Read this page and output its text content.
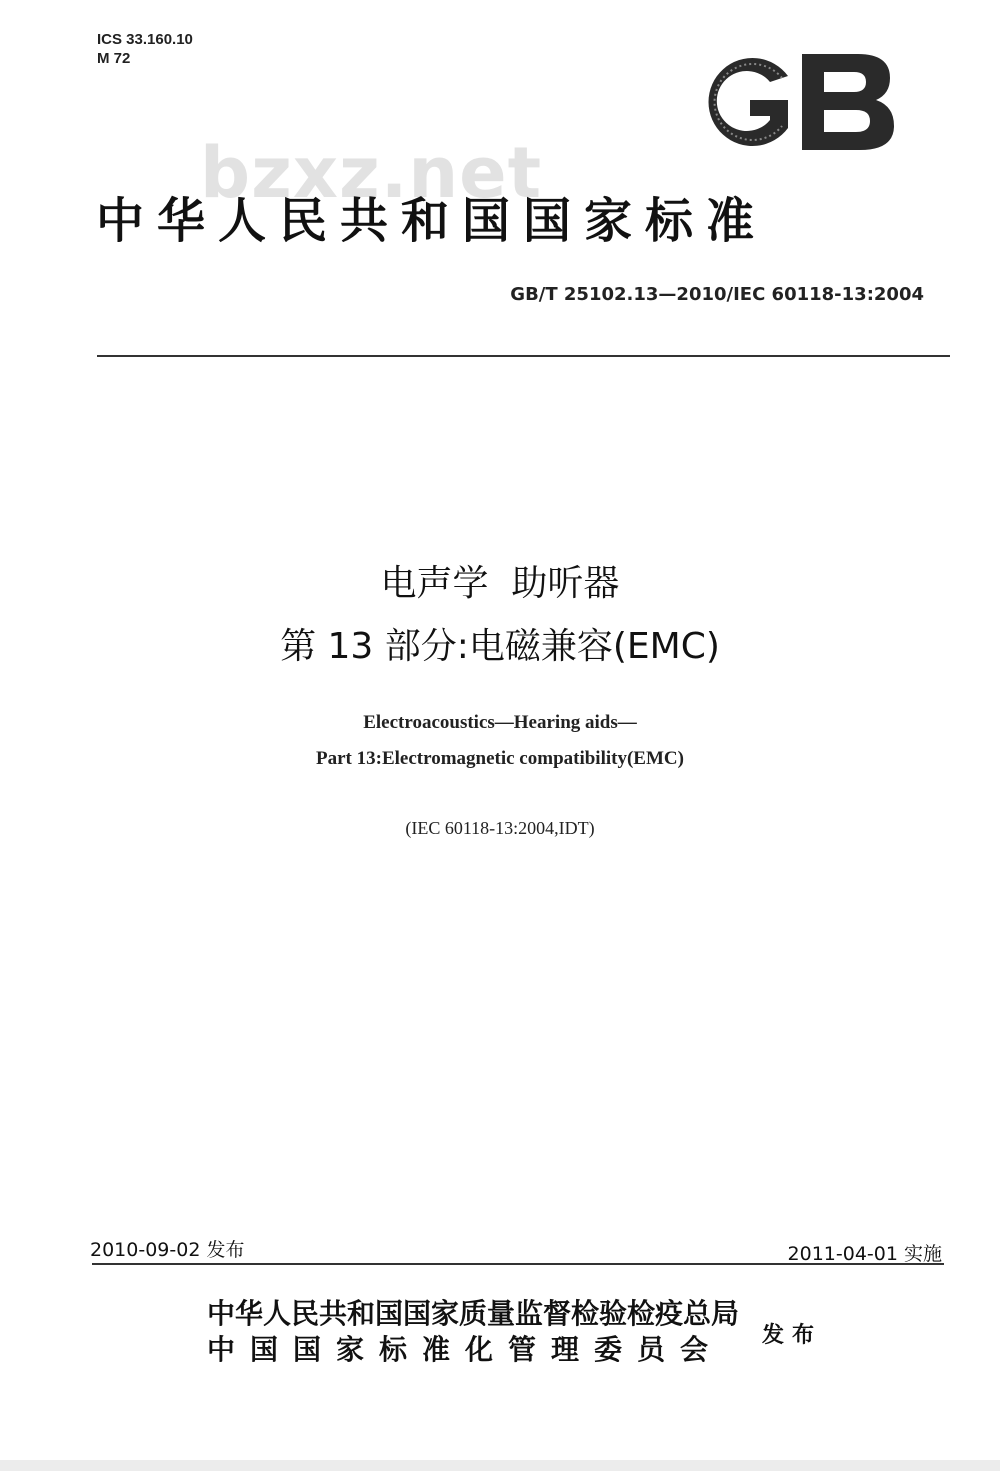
ICS 33.160.10
M 72
bzxz.net
中华人民共和国国家标准
GB/T 25102.13—2010/IEC 60118-13:2004
电声学  助听器
第 13 部分:电磁兼容(EMC)
Electroacoustics—Hearing aids—
Part 13:Electromagnetic compatibility(EMC)
(IEC 60118-13:2004,IDT)
2010-09-02 发布	2011-04-01 实施
中华人民共和国国家质量监督检验检疫总局
中国国家标准化管理委员会	发布
